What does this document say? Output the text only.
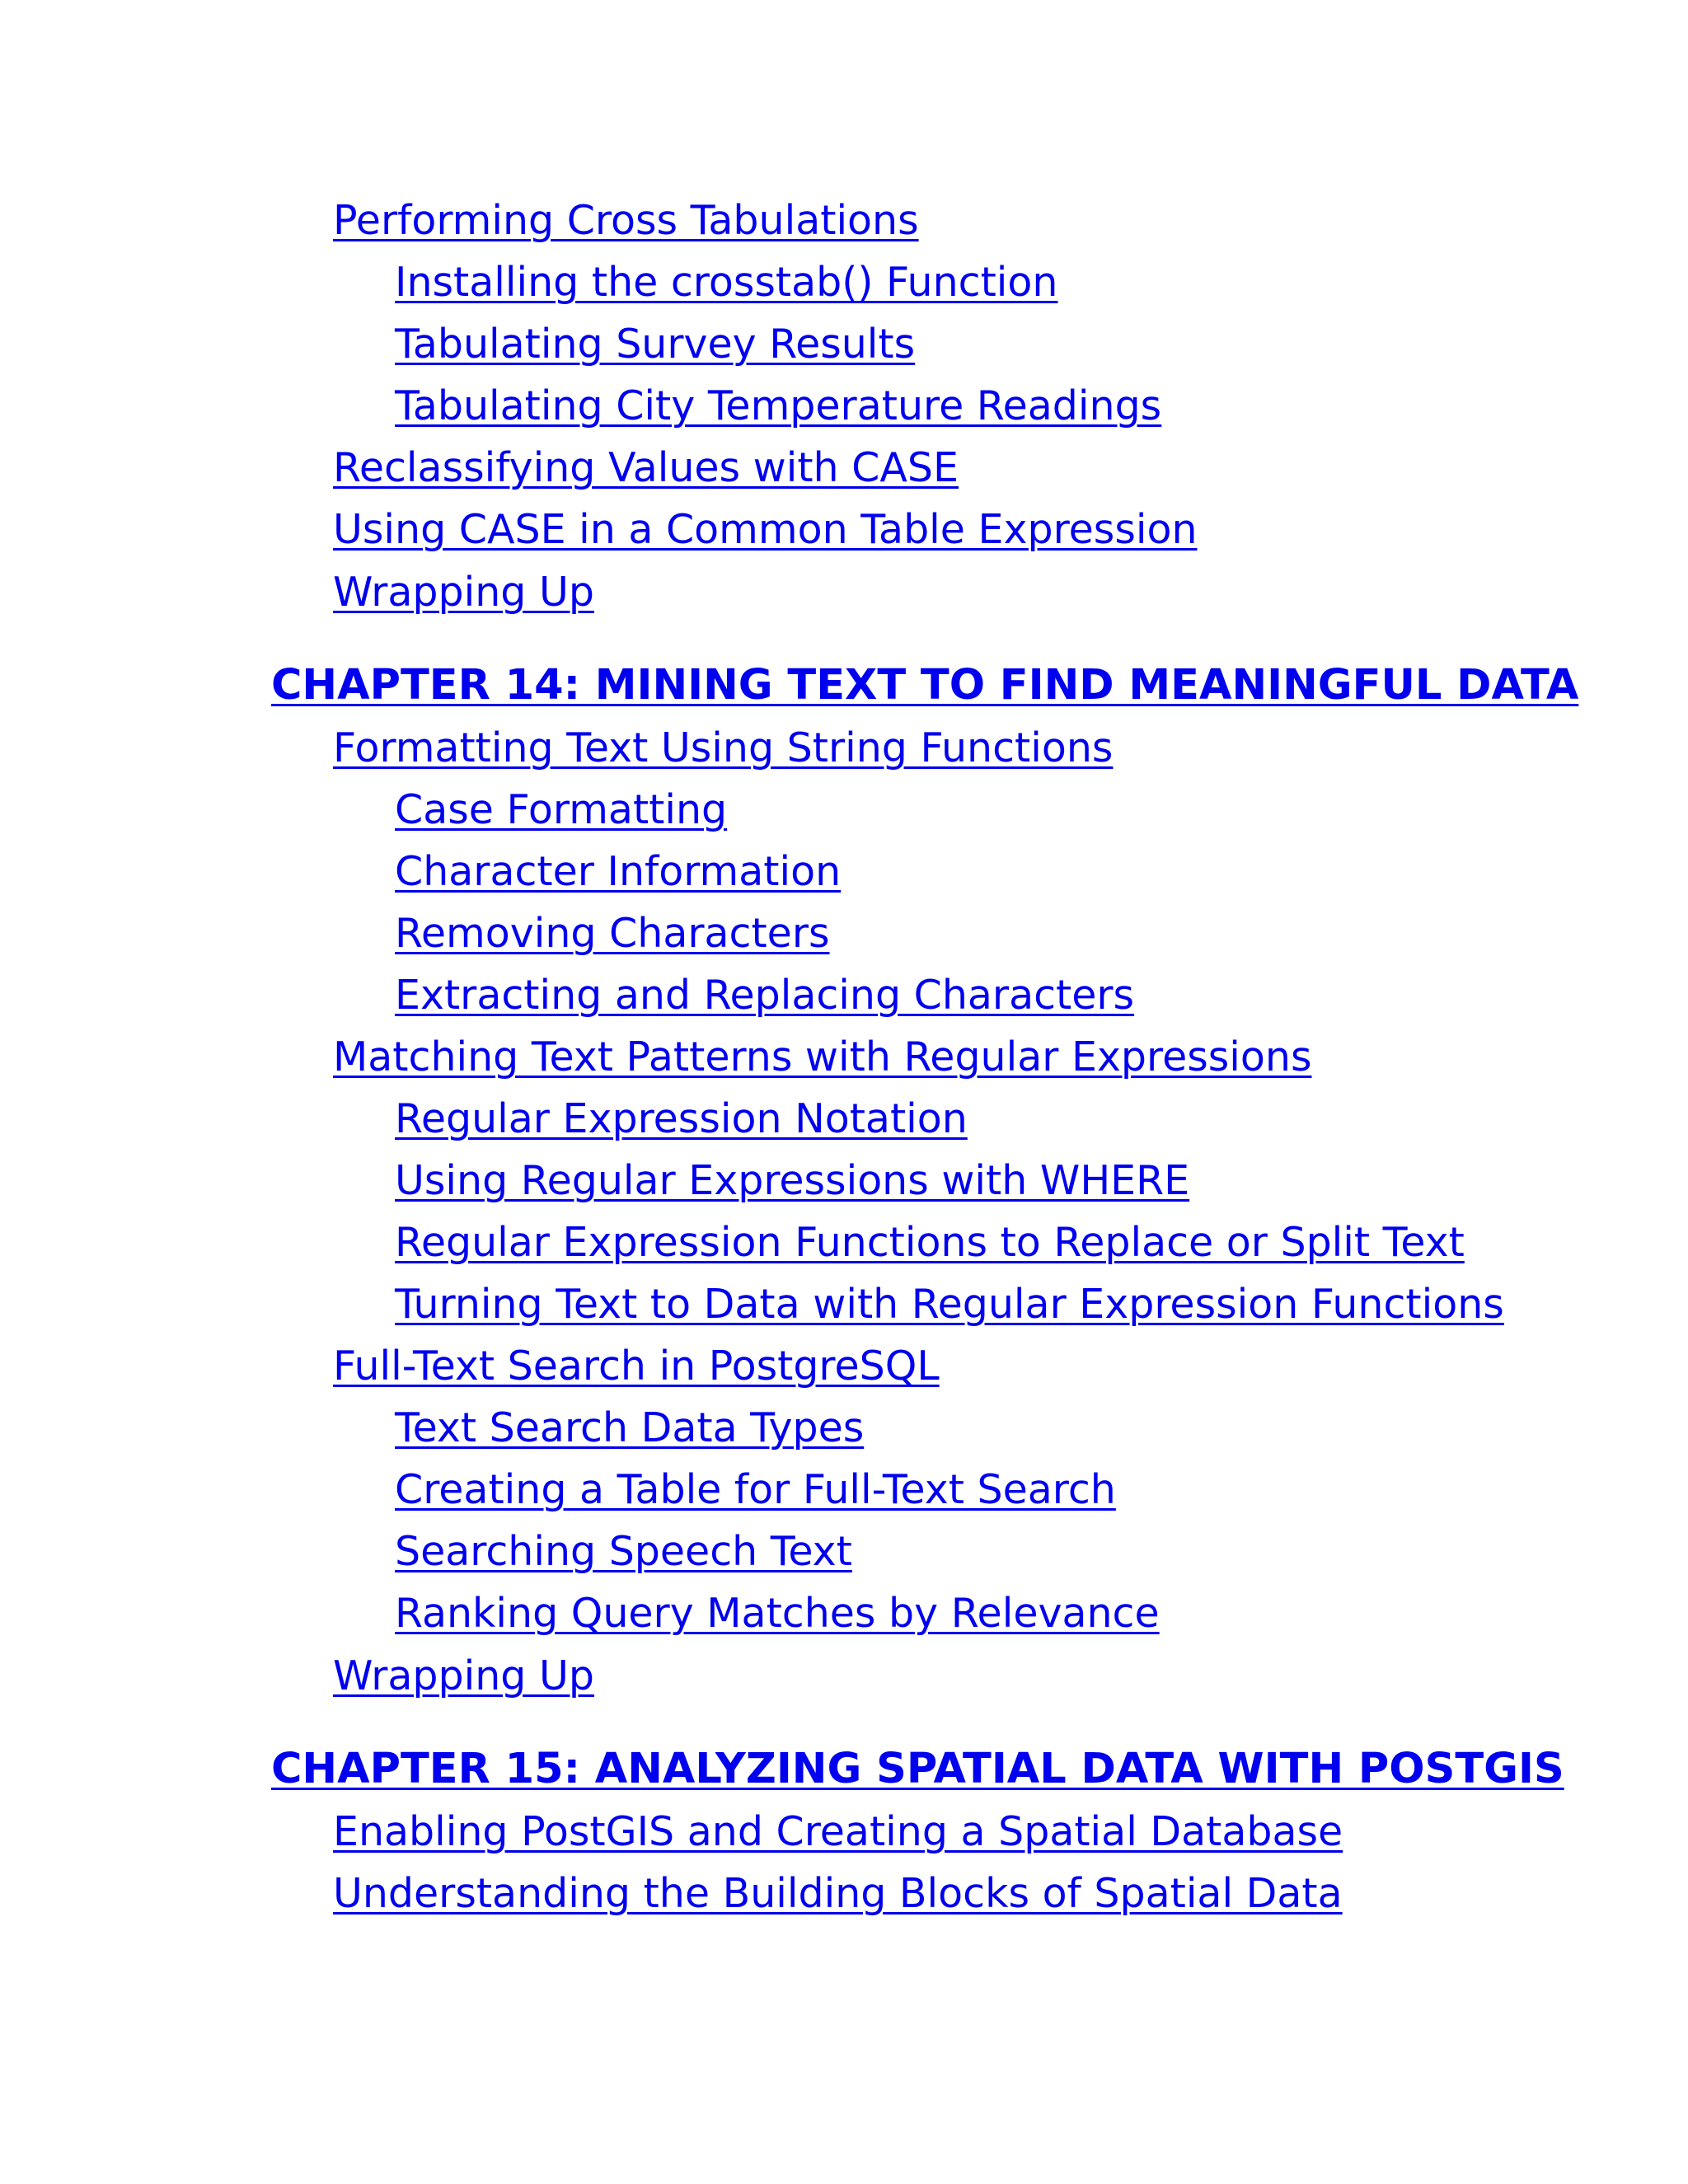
Performing Cross Tabulations
Installing the crosstab() Function
Tabulating Survey Results
Tabulating City Temperature Readings
Reclassifying Values with CASE
Using CASE in a Common Table Expression
Wrapping Up
CHAPTER 14: MINING TEXT TO FIND MEANINGFUL DATA
Formatting Text Using String Functions
Case Formatting
Character Information
Removing Characters
Extracting and Replacing Characters
Matching Text Patterns with Regular Expressions
Regular Expression Notation
Using Regular Expressions with WHERE
Regular Expression Functions to Replace or Split Text
Turning Text to Data with Regular Expression Functions
Full-Text Search in PostgreSQL
Text Search Data Types
Creating a Table for Full-Text Search
Searching Speech Text
Ranking Query Matches by Relevance
Wrapping Up
CHAPTER 15: ANALYZING SPATIAL DATA WITH POSTGIS
Enabling PostGIS and Creating a Spatial Database
Understanding the Building Blocks of Spatial Data
